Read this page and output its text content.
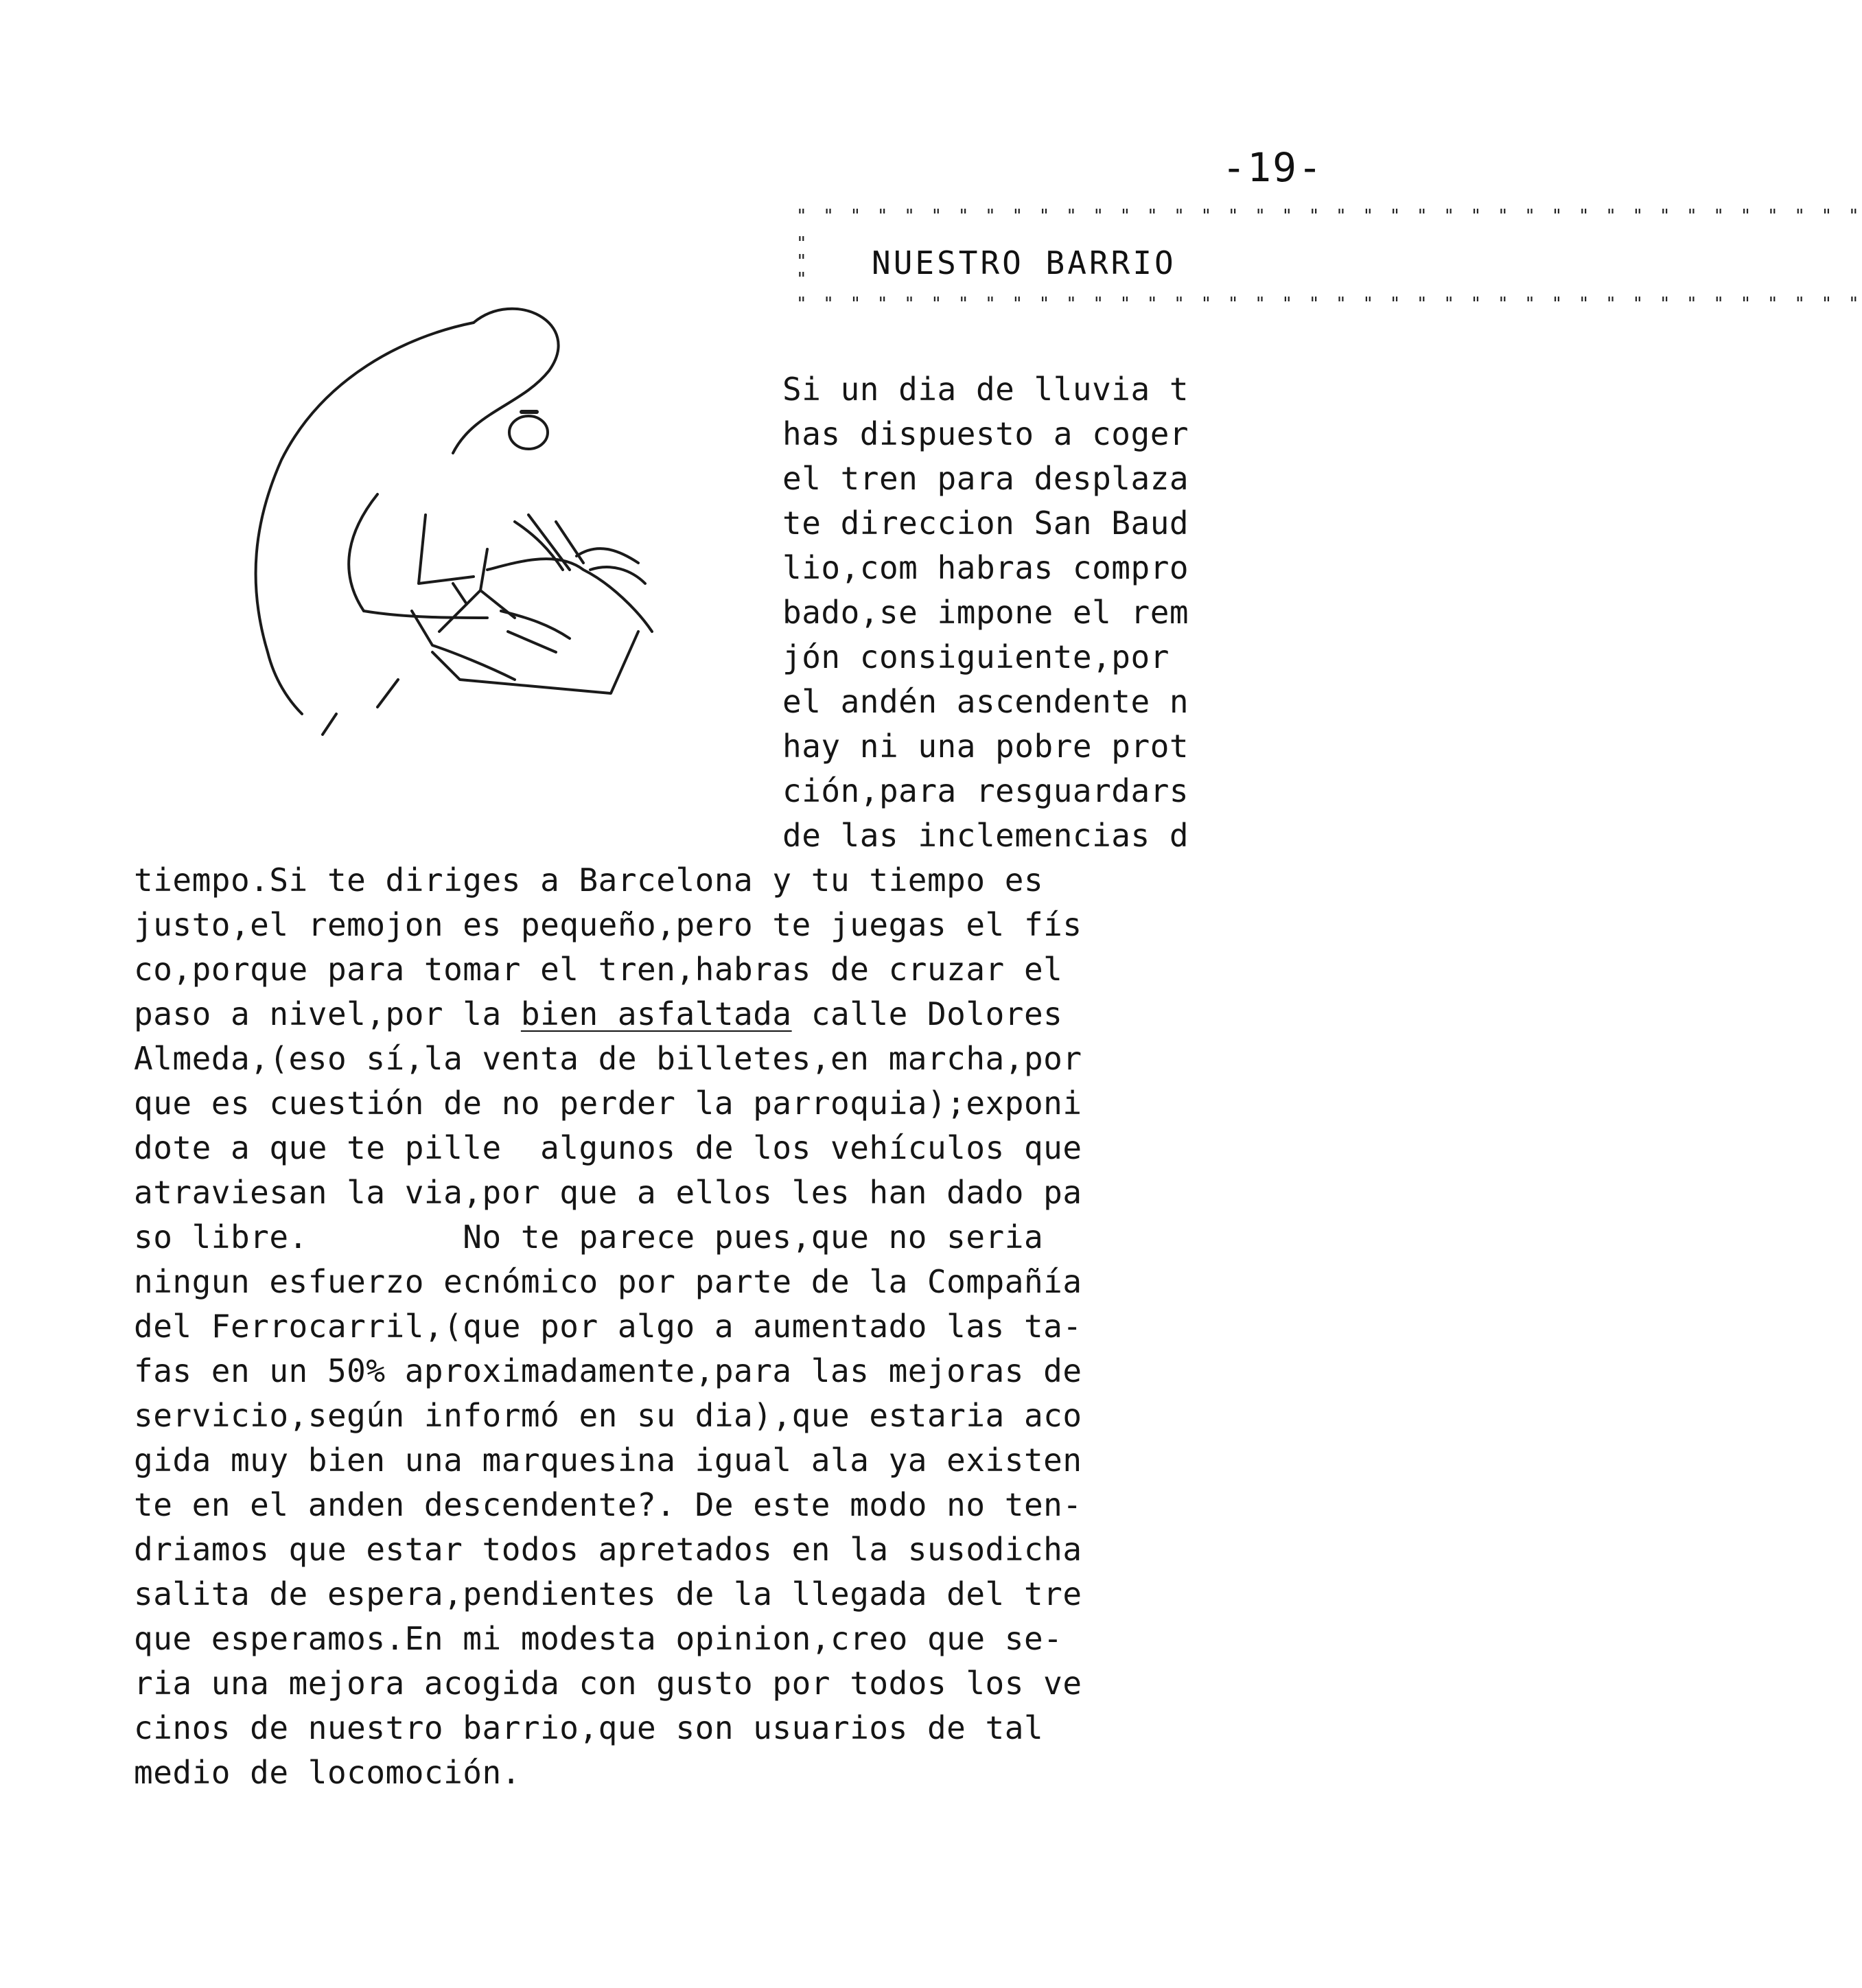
-19-
" " " " " " " " " " " " " " " " " " " " " " " " " " " " " " " " " " " " " " " "
"
"
" NUESTRO BARRIO
" " " " " " " " " " " " " " " " " " " " " " " " " " " " " " " " " " " " " " " "
Si un dia de lluvia t
has dispuesto a coger
el tren para desplaza
te direccion San Baud
lio,com habras compro
bado,se impone el rem
jón consiguiente,por
el andén ascendente n
hay ni una pobre prot
ción,para resguardars
de las inclemencias d
tiempo.Si te diriges a Barcelona y tu tiempo es
justo,el remojon es pequeño,pero te juegas el fís
co,porque para tomar el tren,habras de cruzar el
paso a nivel,por la bien asfaltada calle Dolores
Almeda,(eso sí,la venta de billetes,en marcha,por
que es cuestión de no perder la parroquia);exponi
dote a que te pille  algunos de los vehículos que
atraviesan la via,por que a ellos les han dado pa
so libre.        No te parece pues,que no seria
ningun esfuerzo ecnómico por parte de la Compañía
del Ferrocarril,(que por algo a aumentado las ta-
fas en un 50% aproximadamente,para las mejoras de
servicio,según informó en su dia),que estaria aco
gida muy bien una marquesina igual ala ya existen
te en el anden descendente?. De este modo no ten-
driamos que estar todos apretados en la susodicha
salita de espera,pendientes de la llegada del tre
que esperamos.En mi modesta opinion,creo que se-
ria una mejora acogida con gusto por todos los ve
cinos de nuestro barrio,que son usuarios de tal
medio de locomoción.
